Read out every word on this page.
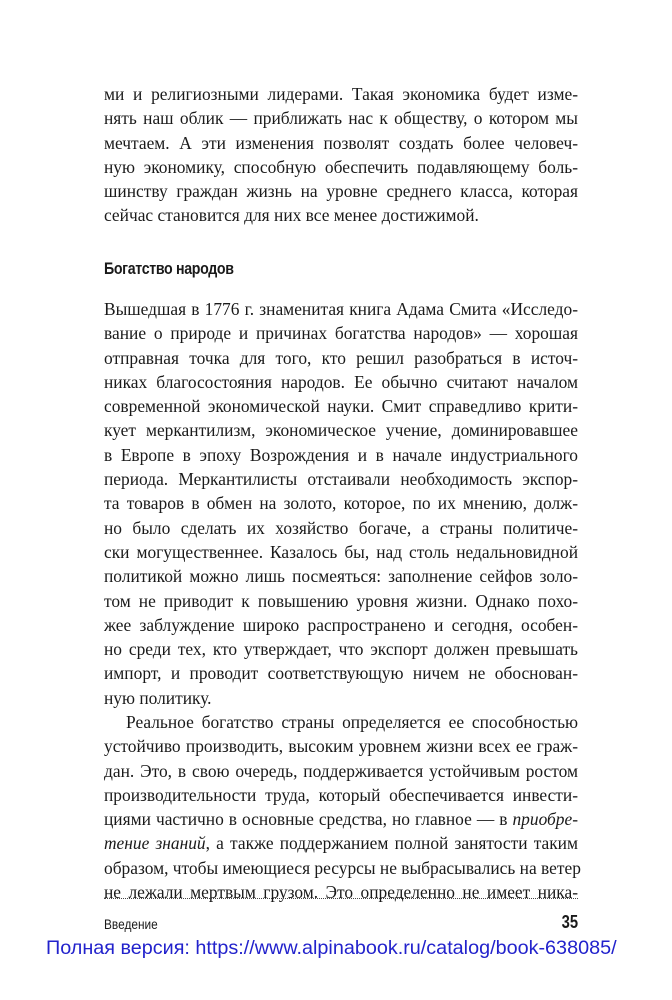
ми и религиозными лидерами. Такая экономика будет изме-
нять наш облик — приближать нас к обществу, о котором мы
мечтаем. А эти изменения позволят создать более человеч-
ную экономику, способную обеспечить подавляющему боль-
шинству граждан жизнь на уровне среднего класса, которая
сейчас становится для них все менее достижимой.
Богатство народов
Вышедшая в 1776 г. знаменитая книга Адама Смита «Исследо-
вание о природе и причинах богатства народов» — хорошая
отправная точка для того, кто решил разобраться в источ-
никах благосостояния народов. Ее обычно считают началом
современной экономической науки. Смит справедливо крити-
кует меркантилизм, экономическое учение, доминировавшее
в Европе в эпоху Возрождения и в начале индустриального
периода. Меркантилисты отстаивали необходимость экспор-
та товаров в обмен на золото, которое, по их мнению, долж-
но было сделать их хозяйство богаче, а страны политиче-
ски могущественнее. Казалось бы, над столь недальновидной
политикой можно лишь посмеяться: заполнение сейфов золо-
том не приводит к повышению уровня жизни. Однако похо-
жее заблуждение широко распространено и сегодня, особен-
но среди тех, кто утверждает, что экспорт должен превышать
импорт, и проводит соответствующую ничем не обоснован-
ную политику.
Реальное богатство страны определяется ее способностью
устойчиво производить, высоким уровнем жизни всех ее граж-
дан. Это, в свою очередь, поддерживается устойчивым ростом
производительности труда, который обеспечивается инвести-
циями частично в основные средства, но главное — в приобре-
тение знаний, а также поддержанием полной занятости таким
образом, чтобы имеющиеся ресурсы не выбрасывались на ветер
не лежали мертвым грузом. Это определенно не имеет ника-
Введение	35
Полная версия: https://www.alpinabook.ru/catalog/book-638085/
